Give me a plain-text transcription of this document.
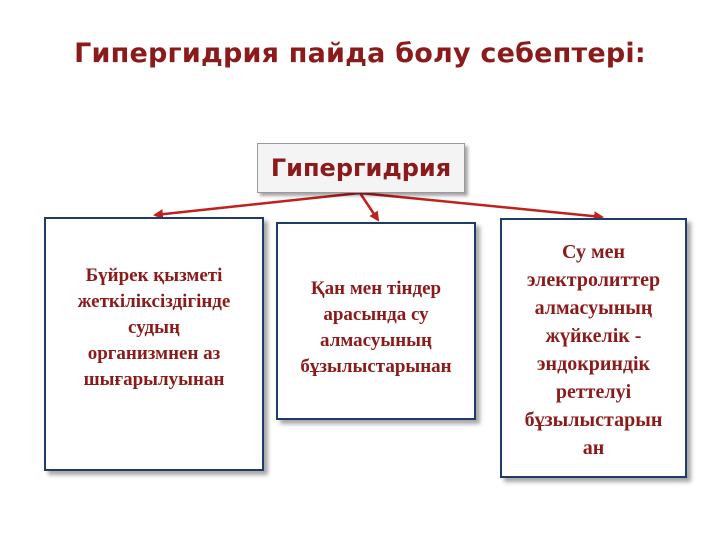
Гипергидрия пайда болу себептері:
Гипергидрия
Бүйрек қызметі
жеткіліксіздігінде
судың
организмнен аз
шығарылуынан
Қан мен тіндер
арасында су
алмасуының
бұзылыстарынан
Су мен
электролиттер
алмасуының
жүйкелік -
эндокриндік
реттелуі
бұзылыстарын
ан
